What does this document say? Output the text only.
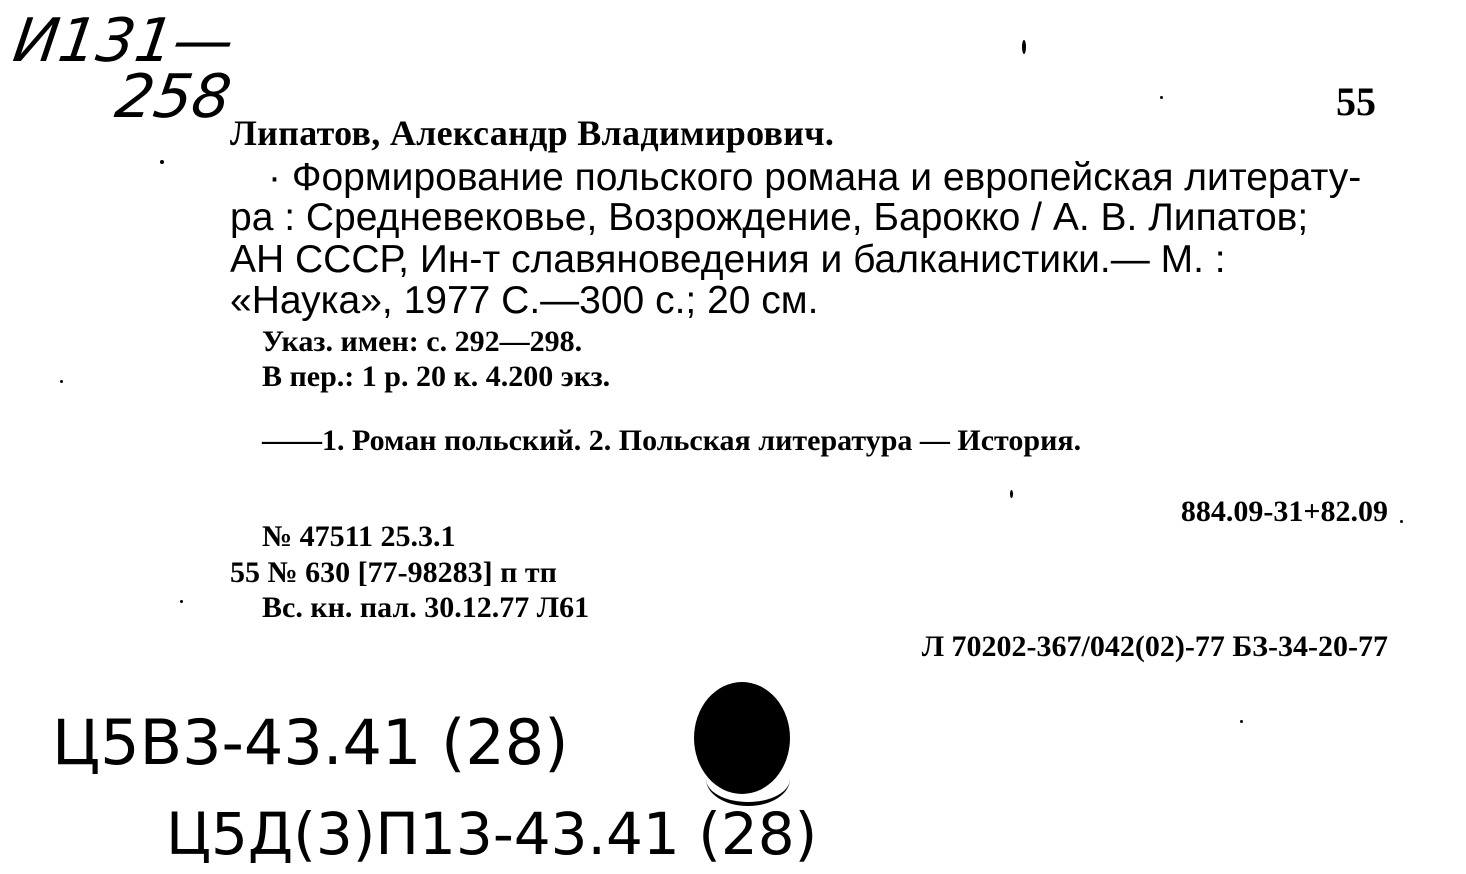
И131—
258	55
Липатов, Александр Владимирович.
· Формирование польского романа и европейская литерату-
ра : Средневековье, Возрождение, Барокко / А. В. Липатов;
АН СССР, Ин-т славяноведения и балканистики.— М. :
«Наука», 1977 С.—300 с.; 20 см.
Указ. имен: с. 292—298.
В пер.: 1 р. 20 к. 4.200 экз.
——1. Роман польский. 2. Польская литература — История.
884.09-31+82.09
№ 47511 25.3.1
55 № 630 [77-98283] п тп
Вс. кн. пал. 30.12.77 Л61
Л 70202-367/042(02)-77 БЗ-34-20-77
Ц5В3-43.41 (28)
Ц5Д(3)П13-43.41 (28)
